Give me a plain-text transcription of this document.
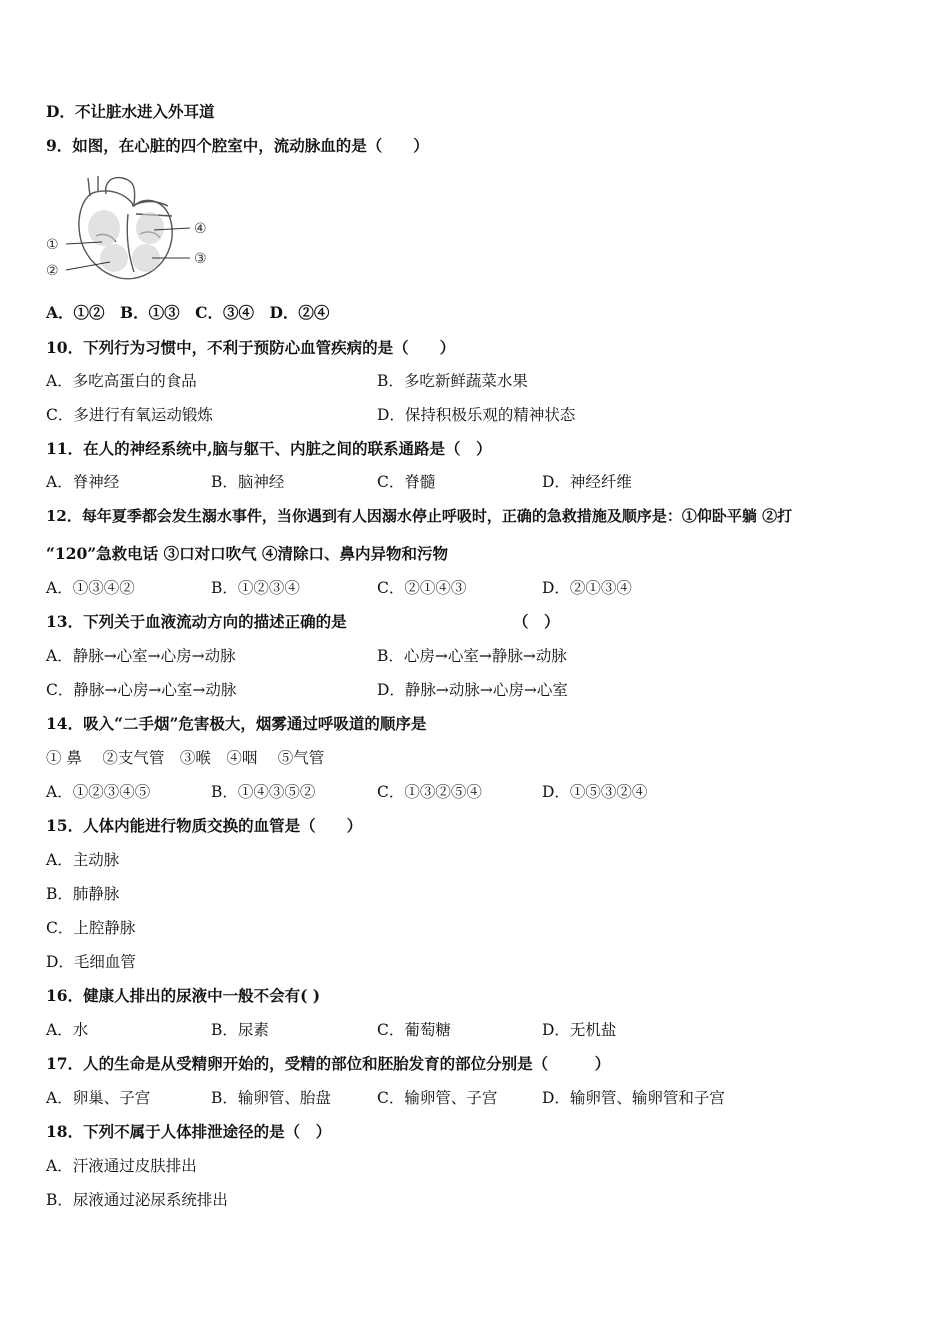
D．不让脏水进入外耳道
9．如图，在心脏的四个腔室中，流动脉血的是（　　）
①
②
③
④
A．①②　B．①③　C．③④　D．②④
10．下列行为习惯中，不利于预防心血管疾病的是（　　）
A．多吃高蛋白的食品	B．多吃新鲜蔬菜水果
C．多进行有氧运动锻炼	D．保持积极乐观的精神状态
11．在人的神经系统中,脑与躯干、内脏之间的联系通路是（　）
A．脊神经	B．脑神经	C．脊髓	D．神经纤维
12．每年夏季都会发生溺水事件，当你遇到有人因溺水停止呼吸时，正确的急救措施及顺序是：①仰卧平躺 ②打
“120”急救电话 ③口对口吹气 ④清除口、鼻内异物和污物
A．①③④②	B．①②③④	C．②①④③	D．②①③④
13．下列关于血液流动方向的描述正确的是	（　）
A．静脉→心室→心房→动脉	B．心房→心室→静脉→动脉
C．静脉→心房→心室→动脉	D．静脉→动脉→心房→心室
14．吸入“二手烟”危害极大，烟雾通过呼吸道的顺序是
① 鼻　 ②支气管　③喉　④咽　 ⑤气管
A．①②③④⑤	B．①④③⑤②	C．①③②⑤④	D．①⑤③②④
15．人体内能进行物质交换的血管是（　　）
A．主动脉
B．肺静脉
C．上腔静脉
D．毛细血管
16．健康人排出的尿液中一般不会有( )
A．水	B．尿素	C．葡萄糖	D．无机盐
17．人的生命是从受精卵开始的，受精的部位和胚胎发育的部位分别是（　　　）
A．卵巢、子宫	B．输卵管、胎盘	C．输卵管、子宫	D．输卵管、输卵管和子宫
18．下列不属于人体排泄途径的是（　）
A．汗液通过皮肤排出
B．尿液通过泌尿系统排出
